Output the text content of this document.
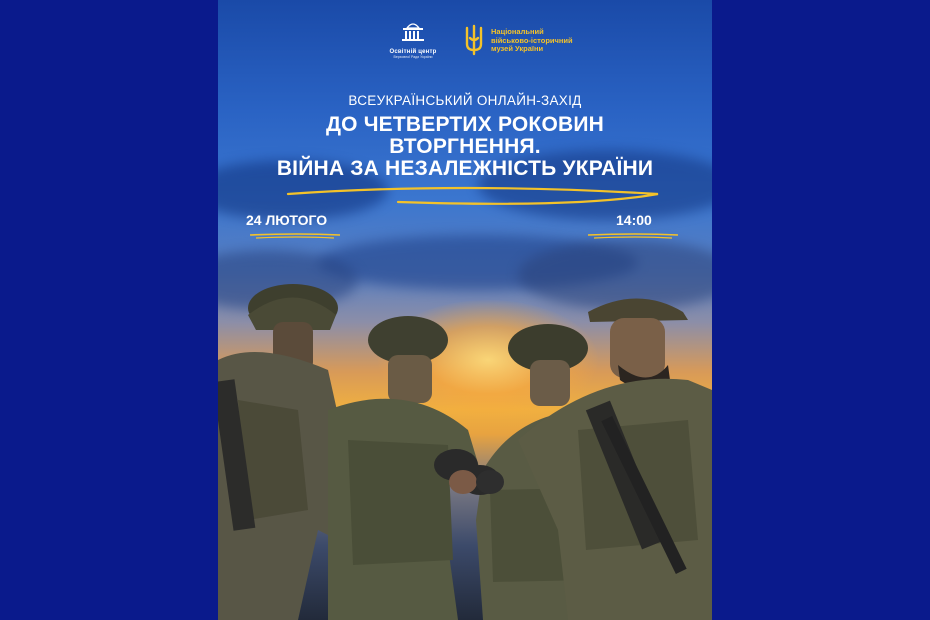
Освітній центр
Верховної Ради України
Національний
військово-історичний
музей України
ВСЕУКРАЇНСЬКИЙ ОНЛАЙН-ЗАХІД
ДО ЧЕТВЕРТИХ РОКОВИН
ВТОРГНЕННЯ.
ВІЙНА ЗА НЕЗАЛЕЖНІСТЬ УКРАЇНИ
24 ЛЮТОГО	14:00
